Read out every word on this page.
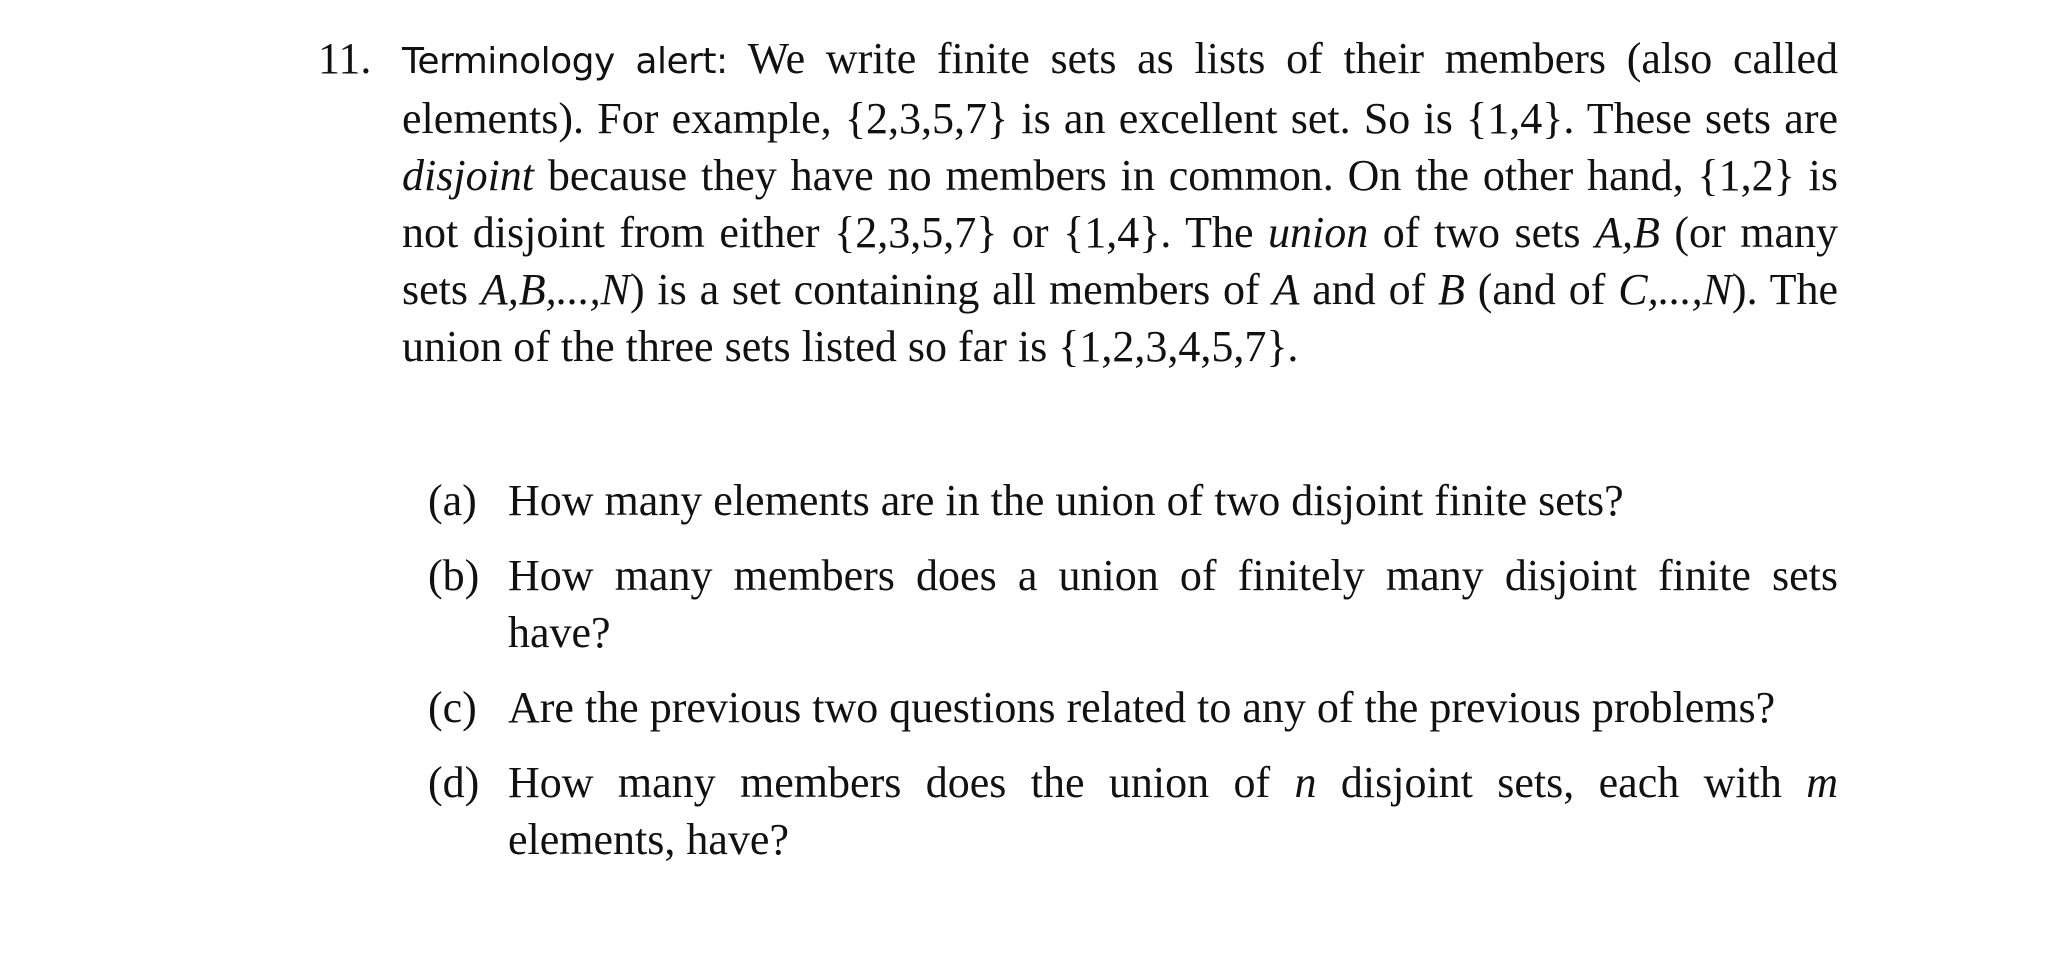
11. Terminology alert: We write finite sets as lists of their members (also called elements). For example, {2,3,5,7} is an excellent set. So is {1,4}. These sets are disjoint because they have no members in common. On the other hand, {1,2} is not disjoint from either {2,3,5,7} or {1,4}. The union of two sets A,B (or many sets A,B,...,N) is a set containing all members of A and of B (and of C,...,N). The union of the three sets listed so far is {1,2,3,4,5,7}.
(a) How many elements are in the union of two disjoint finite sets?
(b) How many members does a union of finitely many disjoint finite sets have?
(c) Are the previous two questions related to any of the previous problems?
(d) How many members does the union of n disjoint sets, each with m elements, have?
